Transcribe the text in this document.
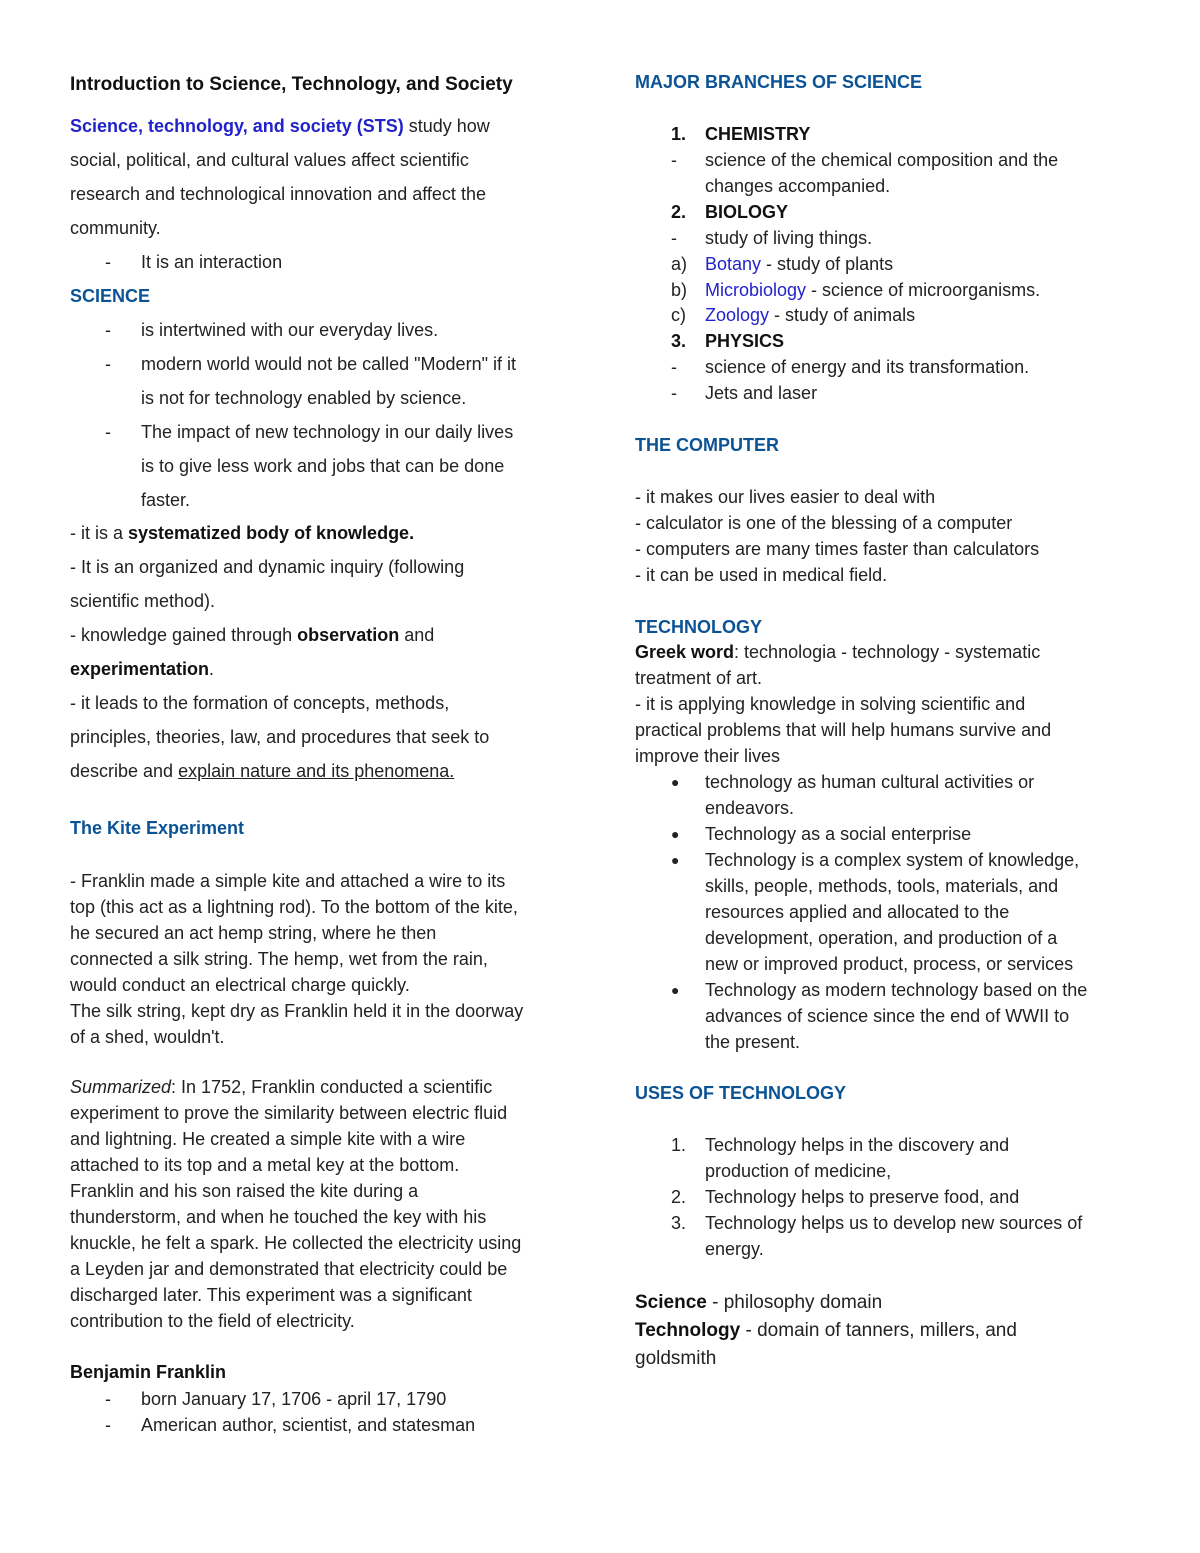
Introduction to Science, Technology, and Society
Science, technology, and society (STS) study how
social, political, and cultural values affect scientific
research and technological innovation and affect the
community.
- It is an interaction
SCIENCE
- is intertwined with our everyday lives.
- modern world would not be called "Modern" if it
is not for technology enabled by science.
- The impact of new technology in our daily lives
is to give less work and jobs that can be done
faster.
- it is a systematized body of knowledge.
- It is an organized and dynamic inquiry (following
scientific method).
- knowledge gained through observation and
experimentation.
- it leads to the formation of concepts, methods,
principles, theories, law, and procedures that seek to
describe and explain nature and its phenomena.
The Kite Experiment
- Franklin made a simple kite and attached a wire to its
top (this act as a lightning rod). To the bottom of the kite,
he secured an act hemp string, where he then
connected a silk string. The hemp, wet from the rain,
would conduct an electrical charge quickly.
The silk string, kept dry as Franklin held it in the doorway
of a shed, wouldn't.
Summarized: In 1752, Franklin conducted a scientific
experiment to prove the similarity between electric fluid
and lightning. He created a simple kite with a wire
attached to its top and a metal key at the bottom.
Franklin and his son raised the kite during a
thunderstorm, and when he touched the key with his
knuckle, he felt a spark. He collected the electricity using
a Leyden jar and demonstrated that electricity could be
discharged later. This experiment was a significant
contribution to the field of electricity.
Benjamin Franklin
- born January 17, 1706 - april 17, 1790
- American author, scientist, and statesman
MAJOR BRANCHES OF SCIENCE
1. CHEMISTRY
- science of the chemical composition and the
changes accompanied.
2. BIOLOGY
- study of living things.
a) Botany - study of plants
b) Microbiology - science of microorganisms.
c) Zoology - study of animals
3. PHYSICS
- science of energy and its transformation.
- Jets and laser
THE COMPUTER
- it makes our lives easier to deal with
- calculator is one of the blessing of a computer
- computers are many times faster than calculators
- it can be used in medical field.
TECHNOLOGY
Greek word: technologia - technology - systematic
treatment of art.
- it is applying knowledge in solving scientific and
practical problems that will help humans survive and
improve their lives
● technology as human cultural activities or
endeavors.
● Technology as a social enterprise
● Technology is a complex system of knowledge,
skills, people, methods, tools, materials, and
resources applied and allocated to the
development, operation, and production of a
new or improved product, process, or services
● Technology as modern technology based on the
advances of science since the end of WWII to
the present.
USES OF TECHNOLOGY
1. Technology helps in the discovery and
production of medicine,
2. Technology helps to preserve food, and
3. Technology helps us to develop new sources of
energy.
Science - philosophy domain
Technology - domain of tanners, millers, and
goldsmith
